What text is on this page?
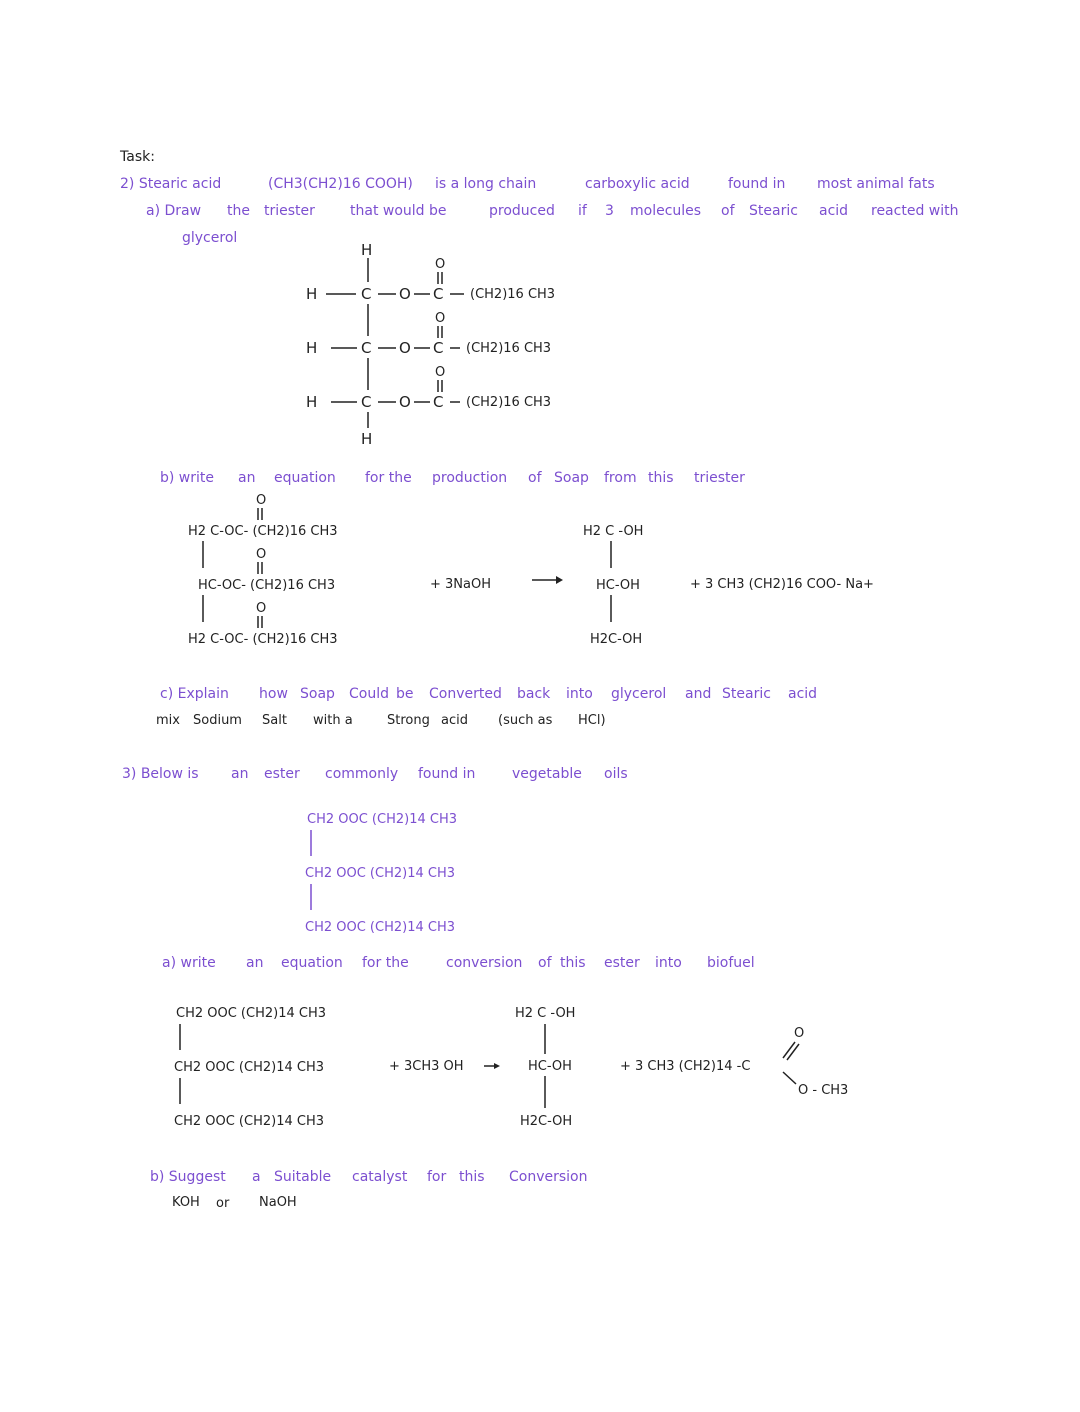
Task:
2) Stearic acid	(CH3(CH2)16 COOH) is a long chain	carboxylic acid	found in most animal fats
a) Draw the triester	that would be	produced if 3 molecules of Stearic acid reacted with
glycerol
H
H
H
H
H
C
C
C
O
O
O
C
C
C
O
O
O
(CH2)16 CH3
(CH2)16 CH3
(CH2)16 CH3
b) write an equation for the production of Soap from this triester
O
O
O
H2 C-OC- (CH2)16 CH3
HC-OC- (CH2)16 CH3
H2 C-OC- (CH2)16 CH3
+ 3NaOH
H2 C -OH
HC-OH
H2C-OH
+ 3 CH3 (CH2)16 COO- Na+
c) Explain how Soap Could be Converted back into glycerol and Stearic acid
mix Sodium Salt with a	Strong acid (such as HCl)
3) Below is an ester commonly found in	vegetable oils
CH2 OOC (CH2)14 CH3
CH2 OOC (CH2)14 CH3
CH2 OOC (CH2)14 CH3
a) write an equation for the	conversion of this ester into biofuel
CH2 OOC (CH2)14 CH3
CH2 OOC (CH2)14 CH3
CH2 OOC (CH2)14 CH3
+ 3CH3 OH
H2 C -OH
HC-OH
H2C-OH
+ 3 CH3 (CH2)14 -C
O
O - CH3
b) Suggest a Suitable catalyst for this Conversion
KOH or NaOH
